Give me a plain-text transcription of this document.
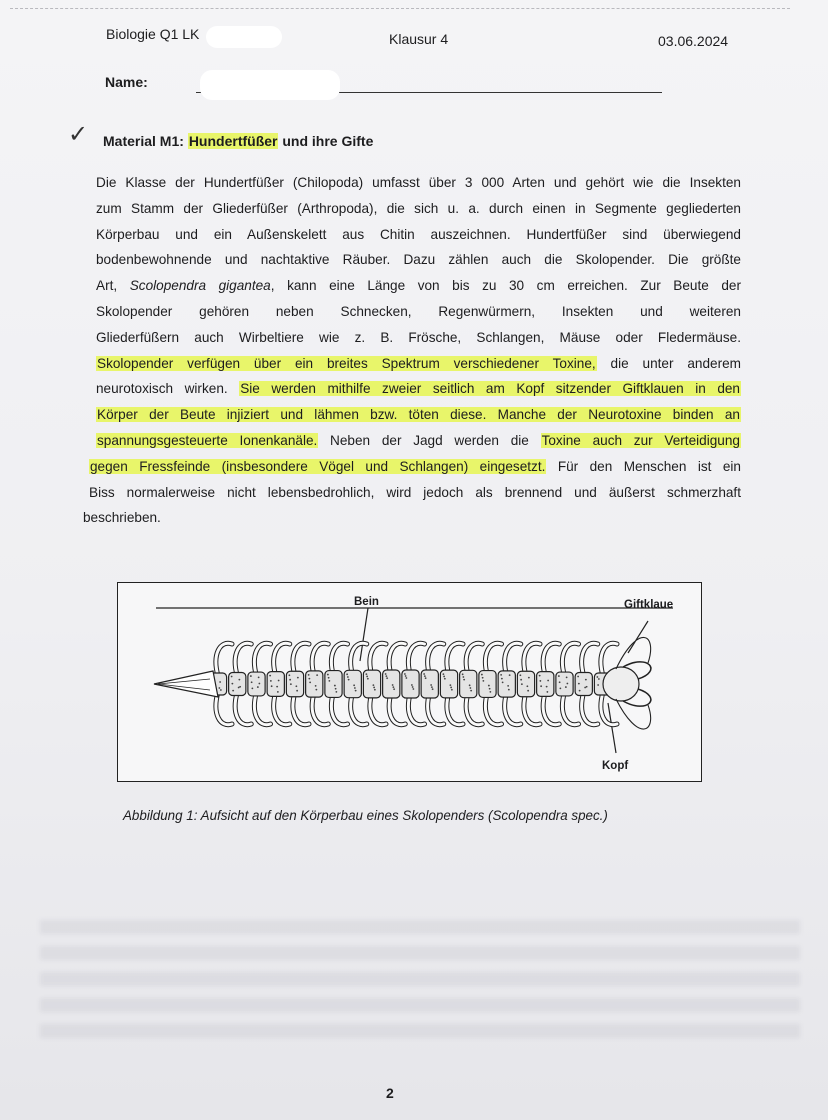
Biologie Q1 LK	Klausur 4	03.06.2024
Name:
✓ Material M1: Hundertfüßer und ihre Gifte
Die Klasse der Hundertfüßer (Chilopoda) umfasst über 3 000 Arten und gehört wie die Insekten
zum Stamm der Gliederfüßer (Arthropoda), die sich u. a. durch einen in Segmente gegliederten
Körperbau und ein Außenskelett aus Chitin auszeichnen. Hundertfüßer sind überwiegend
bodenbewohnende und nachtaktive Räuber. Dazu zählen auch die Skolopender. Die größte
Art, Scolopendra gigantea, kann eine Länge von bis zu 30 cm erreichen. Zur Beute der
Skolopender gehören neben Schnecken, Regenwürmern, Insekten und weiteren
Gliederfüßern auch Wirbeltiere wie z. B. Frösche, Schlangen, Mäuse oder Fledermäuse.
Skolopender verfügen über ein breites Spektrum verschiedener Toxine, die unter anderem
neurotoxisch wirken. Sie werden mithilfe zweier seitlich am Kopf sitzender Giftklauen in den
Körper der Beute injiziert und lähmen bzw. töten diese. Manche der Neurotoxine binden an
spannungsgesteuerte Ionenkanäle. Neben der Jagd werden die Toxine auch zur Verteidigung
gegen Fressfeinde (insbesondere Vögel und Schlangen) eingesetzt. Für den Menschen ist ein
Biss normalerweise nicht lebensbedrohlich, wird jedoch als brennend und äußerst schmerzhaft
beschrieben.
Bein	Giftklaue
Kopf
Abbildung 1: Aufsicht auf den Körperbau eines Skolopenders (Scolopendra spec.)
2
